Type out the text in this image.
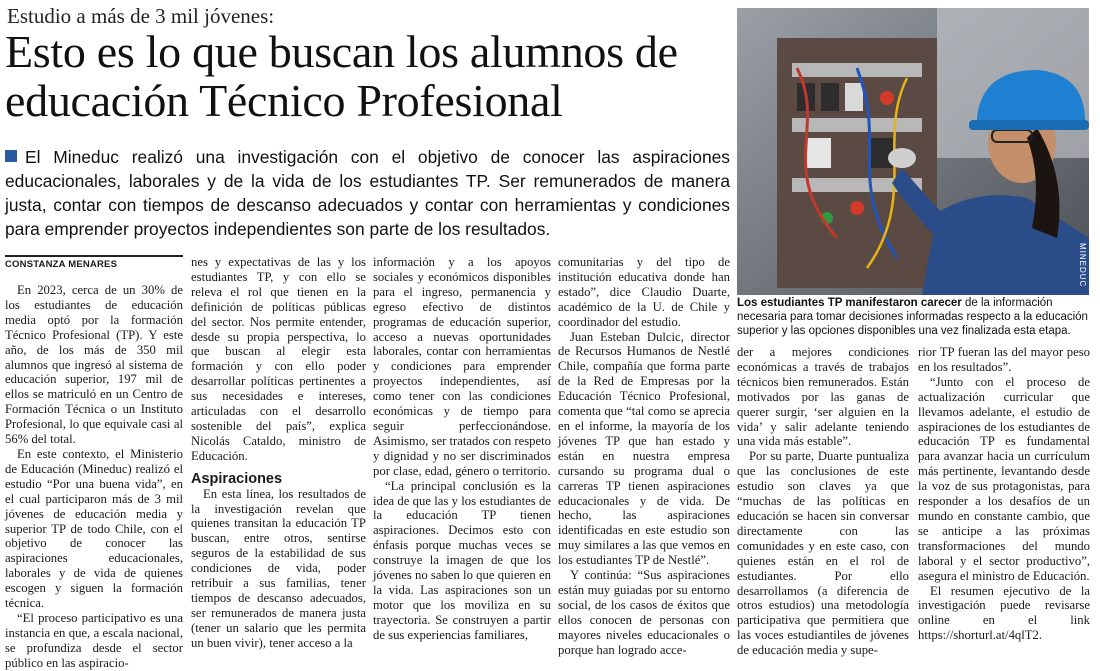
Estudio a más de 3 mil jóvenes:
Esto es lo que buscan los alumnos de educación Técnico Profesional
MINEDUC
Los estudiantes TP manifestaron carecer de la información necesaria para tomar decisiones informadas respecto a la educación superior y las opciones disponibles una vez finalizada esta etapa.
El Mineduc realizó una investigación con el objetivo de conocer las aspiraciones educacionales, laborales y de la vida de los estudiantes TP. Ser remunerados de manera justa, contar con tiempos de descanso adecuados y contar con herramientas y condiciones para emprender proyectos independientes son parte de los resultados.
CONSTANZA MENARES

En 2023, cerca de un 30% de los estudiantes de educación media optó por la formación Técnico Profesional (TP). Y este año, de los más de 350 mil alumnos que ingresó al sistema de educación superior, 197 mil de ellos se matriculó en un Centro de Formación Técnica o un Instituto Profesional, lo que equivale casi al 56% del total.

En este contexto, el Ministerio de Educación (Mineduc) realizó el estudio “Por una buena vida”, en el cual participaron más de 3 mil jóvenes de educación media y superior TP de todo Chile, con el objetivo de conocer las aspiraciones educacionales, laborales y de vida de quienes escogen y siguen la formación técnica.

“El proceso participativo es una instancia en que, a escala nacional, se profundiza desde el sector público en las aspiracio-

nes y expectativas de las y los estudiantes TP, y con ello se releva el rol que tienen en la definición de políticas públicas del sector. Nos permite entender, desde su propia perspectiva, lo que buscan al elegir esta formación y con ello poder desarrollar políticas pertinentes a sus necesidades e intereses, articuladas con el desarrollo sostenible del país”, explica Nicolás Cataldo, ministro de Educación.

Aspiraciones

En esta línea, los resultados de la investigación revelan que quienes transitan la educación TP buscan, entre otros, sentirse seguros de la estabilidad de sus condiciones de vida, poder retribuir a sus familias, tener tiempos de descanso adecuados, ser remunerados de manera justa (tener un salario que les permita un buen vivir), tener acceso a la

información y a los apoyos sociales y económicos disponibles para el ingreso, permanencia y egreso efectivo de distintos programas de educación superior, acceso a nuevas oportunidades laborales, contar con herramientas y condiciones para emprender proyectos independientes, así como tener con las condiciones económicas y de tiempo para seguir perfeccionándose. Asimismo, ser tratados con respeto y dignidad y no ser discriminados por clase, edad, género o territorio.

“La principal conclusión es la idea de que las y los estudiantes de la educación TP tienen aspiraciones. Decimos esto con énfasis porque muchas veces se construye la imagen de que los jóvenes no saben lo que quieren en la vida. Las aspiraciones son un motor que los moviliza en su trayectoria. Se construyen a partir de sus experiencias familiares,

comunitarias y del tipo de institución educativa donde han estado”, dice Claudio Duarte, académico de la U. de Chile y coordinador del estudio.

Juan Esteban Dulcic, director de Recursos Humanos de Nestlé Chile, compañía que forma parte de la Red de Empresas por la Educación Técnico Profesional, comenta que “tal como se aprecia en el informe, la mayoría de los jóvenes TP que han estado y están en nuestra empresa cursando su programa dual o carreras TP tienen aspiraciones educacionales y de vida. De hecho, las aspiraciones identificadas en este estudio son muy similares a las que vemos en los estudiantes TP de Nestlé”.

Y continúa: “Sus aspiraciones están muy guiadas por su entorno social, de los casos de éxitos que ellos conocen de personas con mayores niveles educacionales o porque han logrado acce-

der a mejores condiciones económicas a través de trabajos técnicos bien remunerados. Están motivados por las ganas de querer surgir, ‘ser alguien en la vida’ y salir adelante teniendo una vida más estable”.

Por su parte, Duarte puntualiza que las conclusiones de este estudio son claves ya que “muchas de las políticas en educación se hacen sin conversar directamente con las comunidades y en este caso, con quienes están en el rol de estudiantes. Por ello desarrollamos (a diferencia de otros estudios) una metodología participativa que permitiera que las voces estudiantiles de jóvenes de educación media y supe-

rior TP fueran las del mayor peso en los resultados”.

“Junto con el proceso de actualización curricular que llevamos adelante, el estudio de aspiraciones de los estudiantes de educación TP es fundamental para avanzar hacia un currículum más pertinente, levantando desde la voz de sus protagonistas, para responder a los desafíos de un mundo en constante cambio, que se anticipe a las próximas transformaciones del mundo laboral y el sector productivo”, asegura el ministro de Educación.

El resumen ejecutivo de la investigación puede revisarse online en el link https://shorturl.at/4qlT2.
